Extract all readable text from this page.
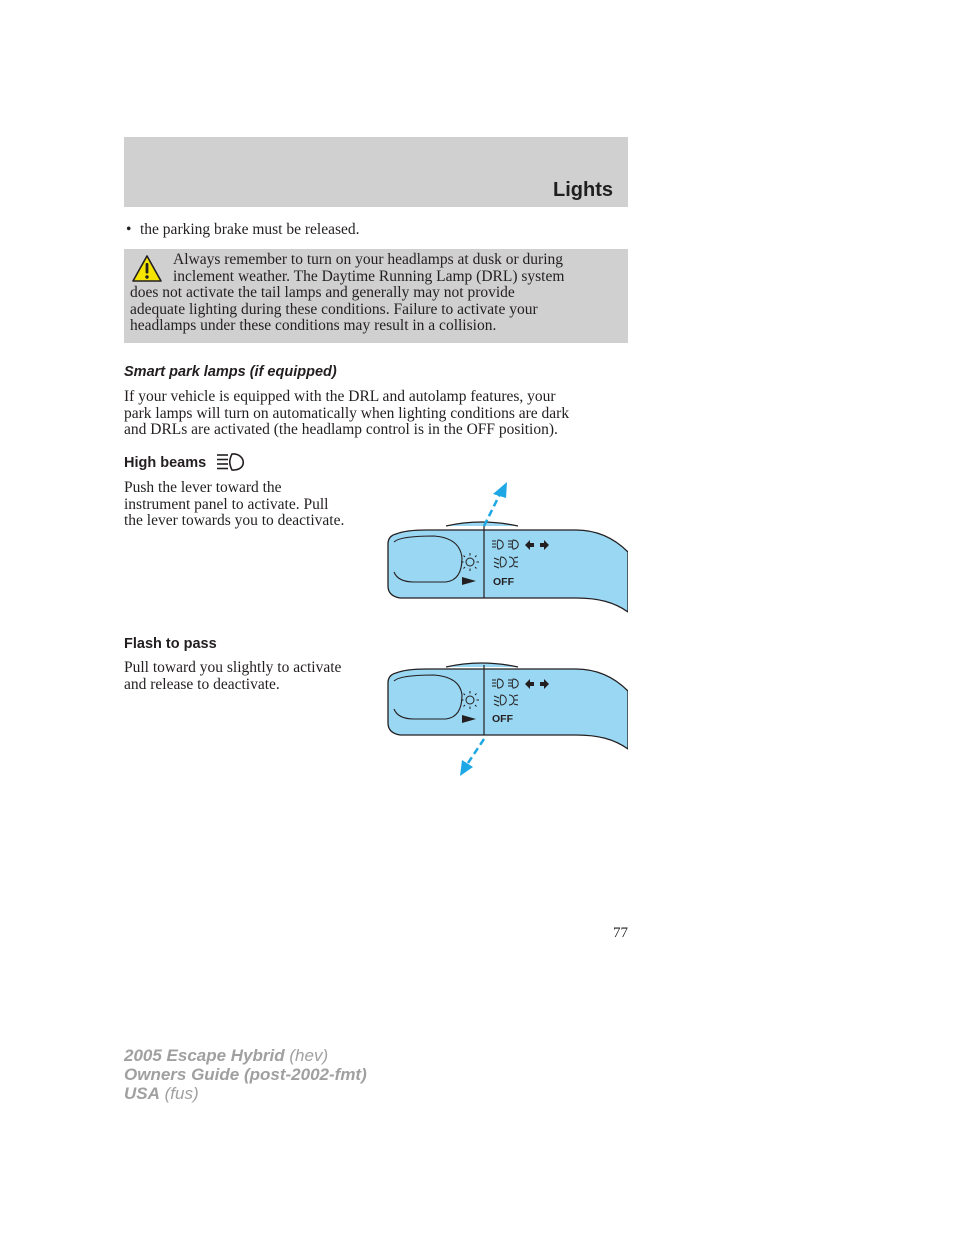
Lights
• the parking brake must be released.
Always remember to turn on your headlamps at dusk or during
inclement weather. The Daytime Running Lamp (DRL) system
does not activate the tail lamps and generally may not provide
adequate lighting during these conditions. Failure to activate your
headlamps under these conditions may result in a collision.
Smart park lamps (if equipped)
If your vehicle is equipped with the DRL and autolamp features, your
park lamps will turn on automatically when lighting conditions are dark
and DRLs are activated (the headlamp control is in the OFF position).
High beams
Push the lever toward the
instrument panel to activate. Pull
the lever towards you to deactivate.
OFF
Flash to pass
Pull toward you slightly to activate
and release to deactivate.
OFF
77
2005 Escape Hybrid (hev)
Owners Guide (post-2002-fmt)
USA (fus)
